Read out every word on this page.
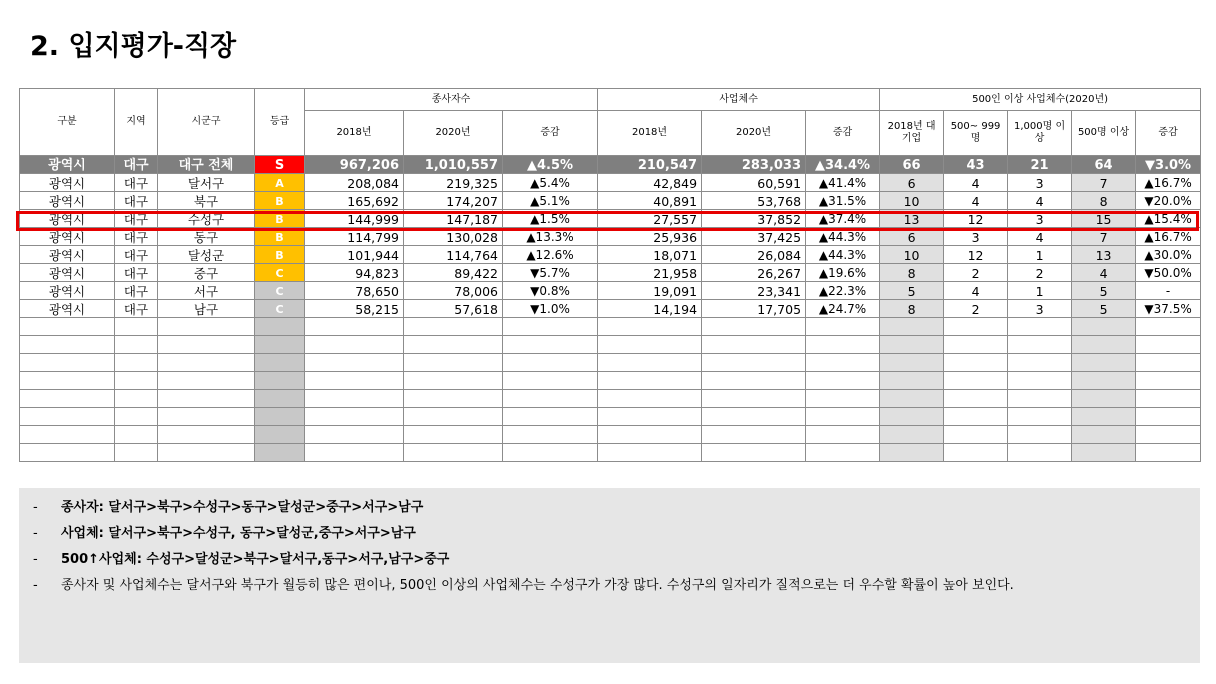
2. 입지평가-직장
구분	지역	시군구	등급	종사자수			사업체수			500인 이상 사업체수(2020년)				
				2018년	2020년	증감	2018년	2020년	증감	2018년 대기업	500~ 999명	1,000명 이상	500명 이상	증감
광역시	대구	대구 전체	S	967,206	1,010,557	▲4.5%	210,547	283,033	▲34.4%	66	43	21	64	▼3.0%
광역시	대구	달서구	A	208,084	219,325	▲5.4%	42,849	60,591	▲41.4%	6	4	3	7	▲16.7%
광역시	대구	북구	B	165,692	174,207	▲5.1%	40,891	53,768	▲31.5%	10	4	4	8	▼20.0%
광역시	대구	수성구	B	144,999	147,187	▲1.5%	27,557	37,852	▲37.4%	13	12	3	15	▲15.4%
광역시	대구	동구	B	114,799	130,028	▲13.3%	25,936	37,425	▲44.3%	6	3	4	7	▲16.7%
광역시	대구	달성군	B	101,944	114,764	▲12.6%	18,071	26,084	▲44.3%	10	12	1	13	▲30.0%
광역시	대구	중구	C	94,823	89,422	▼5.7%	21,958	26,267	▲19.6%	8	2	2	4	▼50.0%
광역시	대구	서구	C	78,650	78,006	▼0.8%	19,091	23,341	▲22.3%	5	4	1	5	-
광역시	대구	남구	C	58,215	57,618	▼1.0%	14,194	17,705	▲24.7%	8	2	3	5	▼37.5%

- 종사자: 달서구>북구>수성구>동구>달성군>중구>서구>남구
- 사업체: 달서구>북구>수성구, 동구>달성군,중구>서구>남구
- 500↑사업체: 수성구>달성군>북구>달서구,동구>서구,남구>중구
- 종사자 및 사업체수는 달서구와 북구가 월등히 많은 편이나, 500인 이상의 사업체수는 수성구가 가장 많다. 수성구의 일자리가 질적으로는 더 우수할 확률이 높아 보인다.
